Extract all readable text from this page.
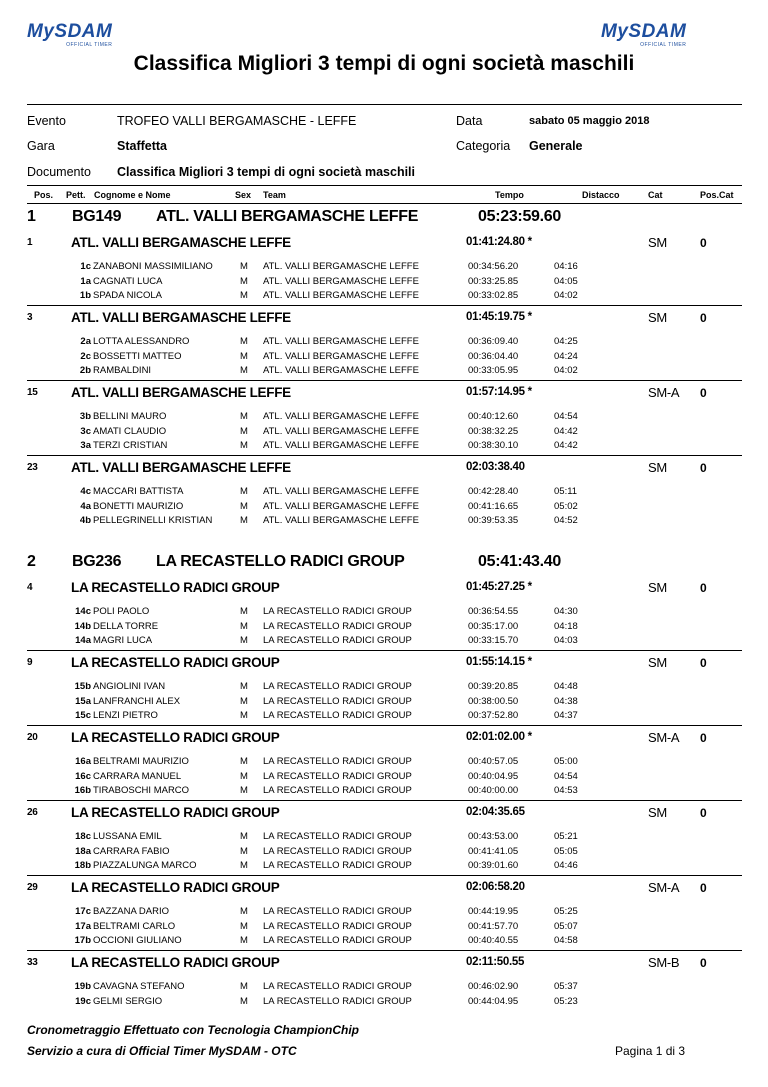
MySDAM
OFFICIAL TIMER
MySDAM
OFFICIAL TIMER
Classifica Migliori 3 tempi di ogni società maschili
Evento	TROFEO VALLI BERGAMASCHE - LEFFE	Data	sabato 05 maggio 2018
Gara	Staffetta	Categoria Generale
Documento Classifica Migliori 3 tempi di ogni società maschili
Pos. Pett. Cognome e Nome	Sex Team	Tempo	Distacco	Cat	Pos.Cat
1 BG149 ATL. VALLI BERGAMASCHE LEFFE	05:23:59.60
1	ATL. VALLI BERGAMASCHE LEFFE	01:41:24.80 *	SM	0
1c ZANABONI MASSIMILIANO	M ATL. VALLI BERGAMASCHE LEFFE	00:34:56.20	04:16
1a CAGNATI LUCA	M ATL. VALLI BERGAMASCHE LEFFE	00:33:25.85	04:05
1b SPADA NICOLA	M ATL. VALLI BERGAMASCHE LEFFE	00:33:02.85	04:02
3	ATL. VALLI BERGAMASCHE LEFFE	01:45:19.75 *	SM	0
2a LOTTA ALESSANDRO	M ATL. VALLI BERGAMASCHE LEFFE	00:36:09.40	04:25
2c BOSSETTI MATTEO	M ATL. VALLI BERGAMASCHE LEFFE	00:36:04.40	04:24
2b RAMBALDINI	M ATL. VALLI BERGAMASCHE LEFFE	00:33:05.95	04:02
15 ATL. VALLI BERGAMASCHE LEFFE	01:57:14.95 *	SM-A 0
3b BELLINI MAURO	M ATL. VALLI BERGAMASCHE LEFFE	00:40:12.60	04:54
3c AMATI CLAUDIO	M ATL. VALLI BERGAMASCHE LEFFE	00:38:32.25	04:42
3a TERZI CRISTIAN	M ATL. VALLI BERGAMASCHE LEFFE	00:38:30.10	04:42
23 ATL. VALLI BERGAMASCHE LEFFE	02:03:38.40	SM	0
4c MACCARI BATTISTA	M ATL. VALLI BERGAMASCHE LEFFE	00:42:28.40	05:11
4a BONETTI MAURIZIO	M ATL. VALLI BERGAMASCHE LEFFE	00:41:16.65	05:02
4b PELLEGRINELLI KRISTIAN	M ATL. VALLI BERGAMASCHE LEFFE	00:39:53.35	04:52
2 BG236 LA RECASTELLO RADICI GROUP	05:41:43.40
4	LA RECASTELLO RADICI GROUP	01:45:27.25 *	SM	0
14c POLI PAOLO	M LA RECASTELLO RADICI GROUP	00:36:54.55	04:30
14b DELLA TORRE	M LA RECASTELLO RADICI GROUP	00:35:17.00	04:18
14a MAGRI LUCA	M LA RECASTELLO RADICI GROUP	00:33:15.70	04:03
9	LA RECASTELLO RADICI GROUP	01:55:14.15 *	SM	0
15b ANGIOLINI IVAN	M LA RECASTELLO RADICI GROUP	00:39:20.85	04:48
15a LANFRANCHI ALEX	M LA RECASTELLO RADICI GROUP	00:38:00.50	04:38
15c LENZI PIETRO	M LA RECASTELLO RADICI GROUP	00:37:52.80	04:37
20 LA RECASTELLO RADICI GROUP	02:01:02.00 *	SM-A 0
16a BELTRAMI MAURIZIO	M LA RECASTELLO RADICI GROUP	00:40:57.05	05:00
16c CARRARA MANUEL	M LA RECASTELLO RADICI GROUP	00:40:04.95	04:54
16b TIRABOSCHI MARCO	M LA RECASTELLO RADICI GROUP	00:40:00.00	04:53
26 LA RECASTELLO RADICI GROUP	02:04:35.65	SM	0
18c LUSSANA EMIL	M LA RECASTELLO RADICI GROUP	00:43:53.00	05:21
18a CARRARA FABIO	M LA RECASTELLO RADICI GROUP	00:41:41.05	05:05
18b PIAZZALUNGA MARCO	M LA RECASTELLO RADICI GROUP	00:39:01.60	04:46
29 LA RECASTELLO RADICI GROUP	02:06:58.20	SM-A 0
17c BAZZANA DARIO	M LA RECASTELLO RADICI GROUP	00:44:19.95	05:25
17a BELTRAMI CARLO	M LA RECASTELLO RADICI GROUP	00:41:57.70	05:07
17b OCCIONI GIULIANO	M LA RECASTELLO RADICI GROUP	00:40:40.55	04:58
33 LA RECASTELLO RADICI GROUP	02:11:50.55	SM-B 0
19b CAVAGNA STEFANO	M LA RECASTELLO RADICI GROUP	00:46:02.90	05:37
19c GELMI SERGIO	M LA RECASTELLO RADICI GROUP	00:44:04.95	05:23
Cronometraggio Effettuato con Tecnologia ChampionChip
Servizio a cura di Official Timer MySDAM - OTC	Pagina 1 di 3
